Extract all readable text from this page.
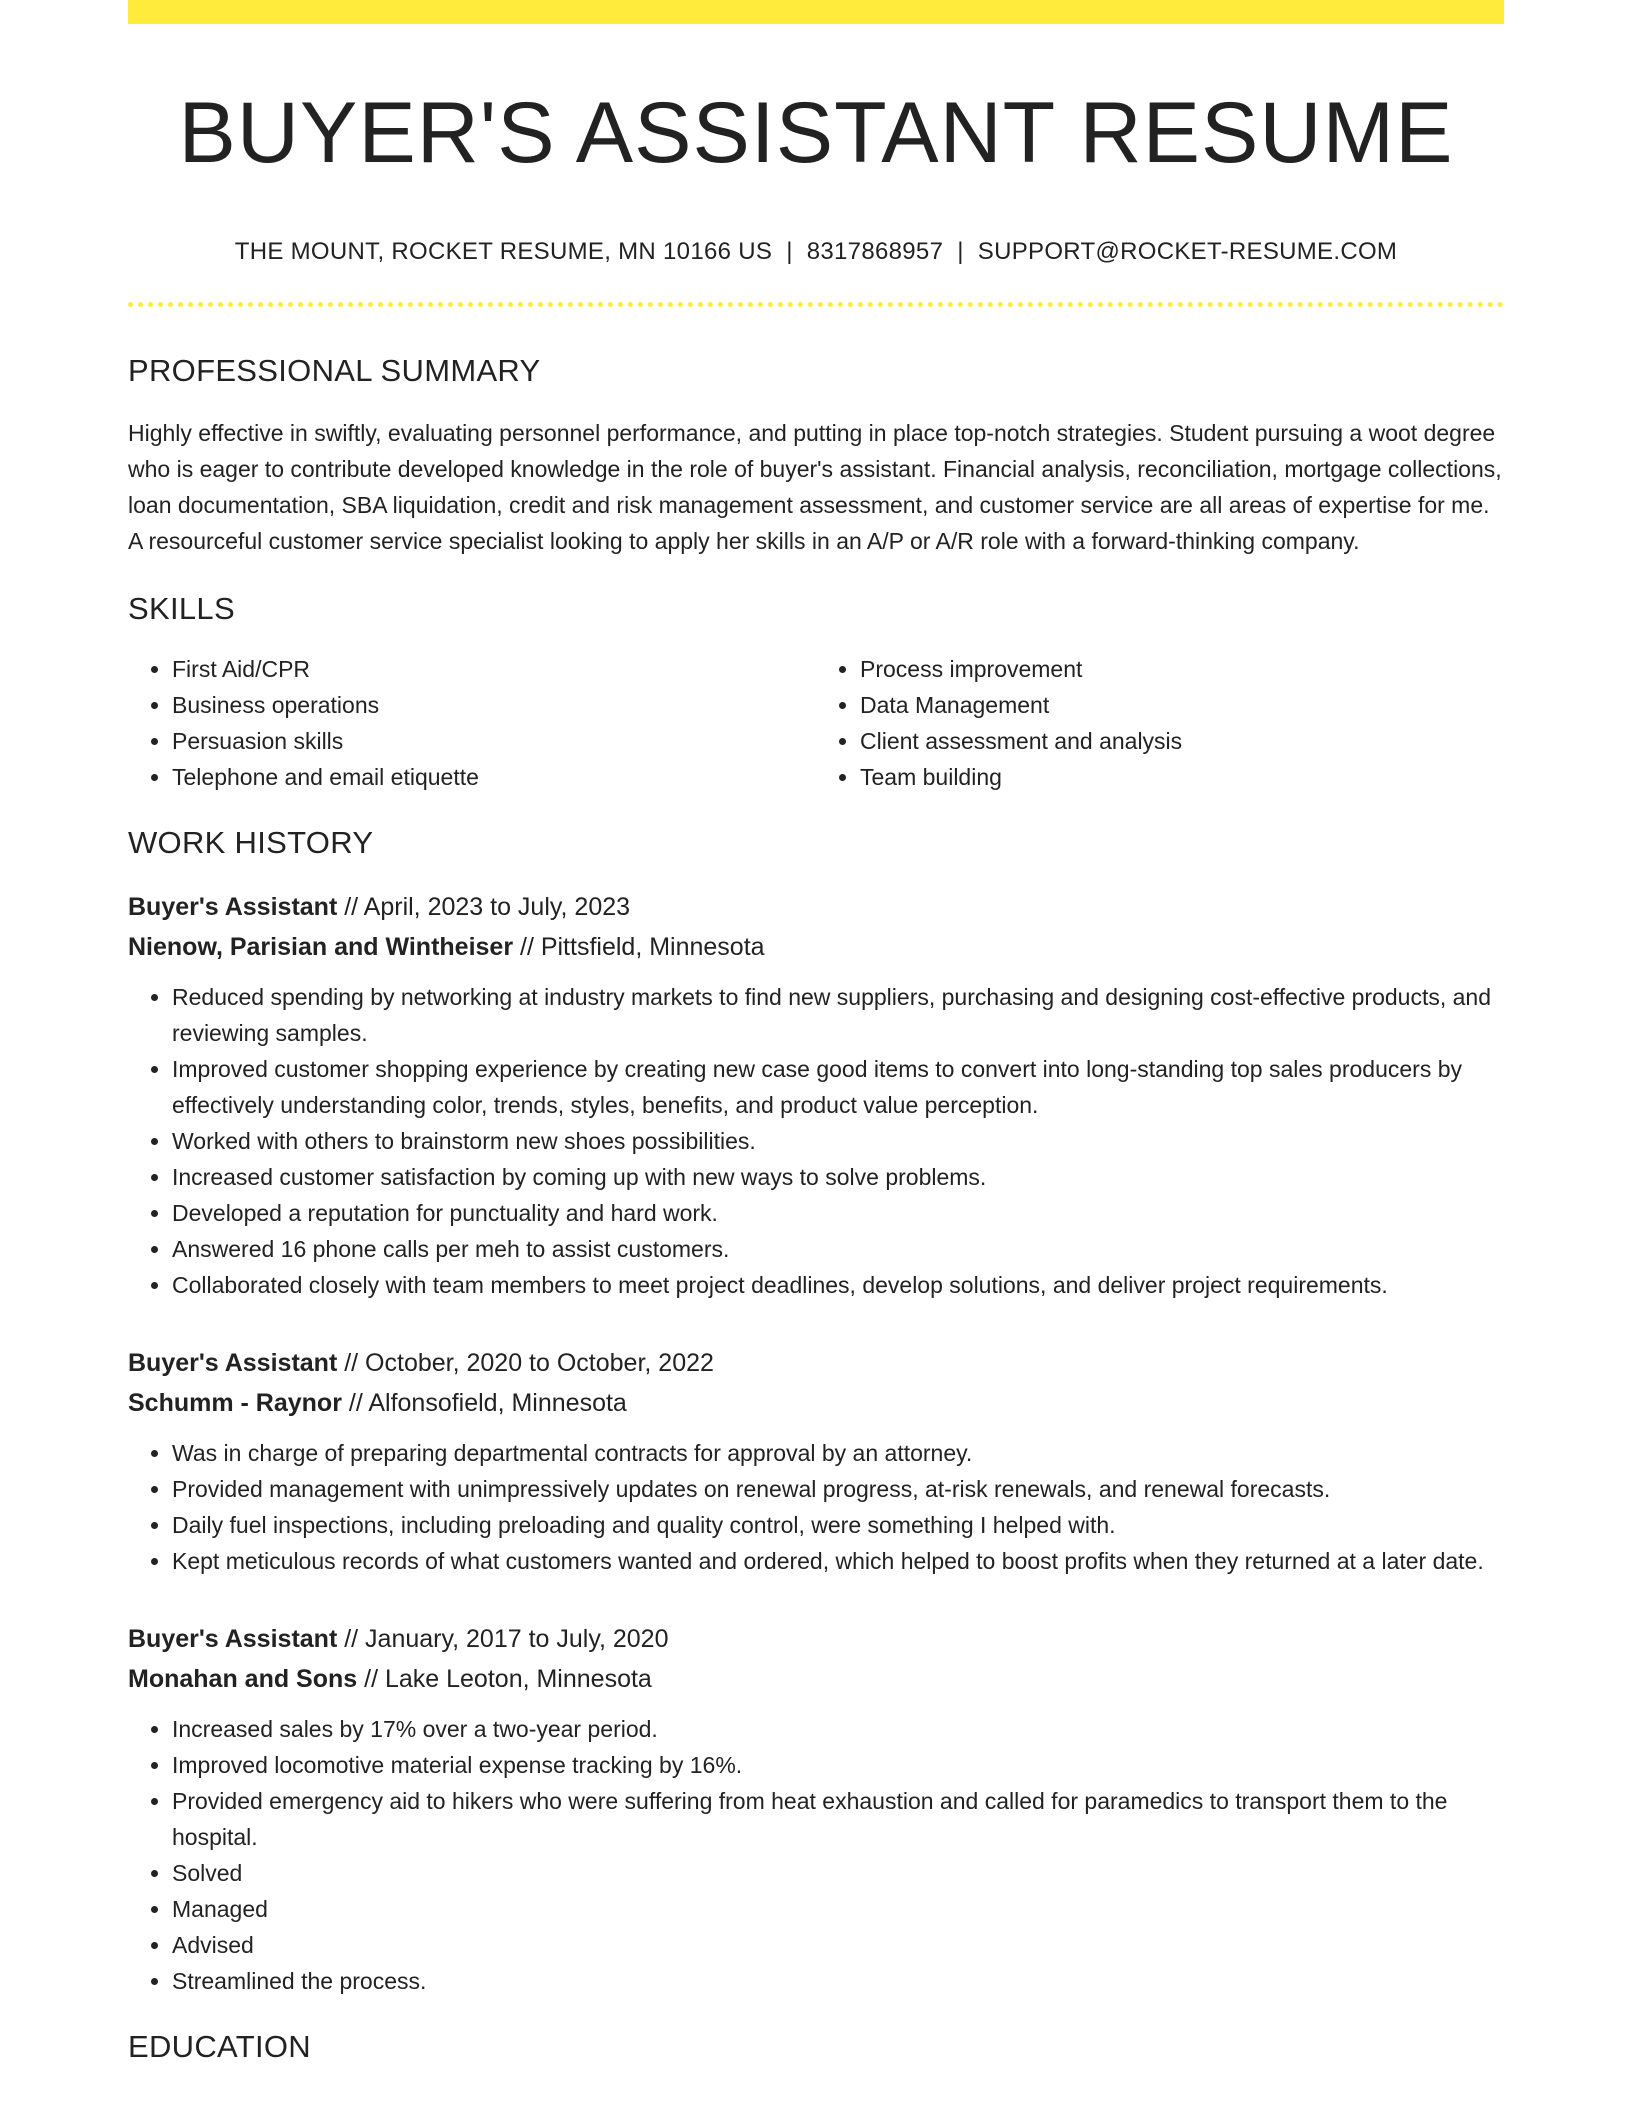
BUYER'S ASSISTANT RESUME
THE MOUNT, ROCKET RESUME, MN 10166 US | 8317868957 | SUPPORT@ROCKET-RESUME.COM
PROFESSIONAL SUMMARY

Highly effective in swiftly, evaluating personnel performance, and putting in place top-notch strategies. Student pursuing a woot degree who is eager to contribute developed knowledge in the role of buyer's assistant. Financial analysis, reconciliation, mortgage collections, loan documentation, SBA liquidation, credit and risk management assessment, and customer service are all areas of expertise for me. A resourceful customer service specialist looking to apply her skills in an A/P or A/R role with a forward-thinking company.

SKILLS
• First Aid/CPR
• Business operations
• Persuasion skills
• Telephone and email etiquette
• Process improvement
• Data Management
• Client assessment and analysis
• Team building
WORK HISTORY
Buyer's Assistant // April, 2023 to July, 2023
Nienow, Parisian and Wintheiser // Pittsfield, Minnesota
• Reduced spending by networking at industry markets to find new suppliers, purchasing and designing cost-effective products, and reviewing samples.
• Improved customer shopping experience by creating new case good items to convert into long-standing top sales producers by effectively understanding color, trends, styles, benefits, and product value perception.
• Worked with others to brainstorm new shoes possibilities.
• Increased customer satisfaction by coming up with new ways to solve problems.
• Developed a reputation for punctuality and hard work.
• Answered 16 phone calls per meh to assist customers.
• Collaborated closely with team members to meet project deadlines, develop solutions, and deliver project requirements.
Buyer's Assistant // October, 2020 to October, 2022
Schumm - Raynor // Alfonsofield, Minnesota
• Was in charge of preparing departmental contracts for approval by an attorney.
• Provided management with unimpressively updates on renewal progress, at-risk renewals, and renewal forecasts.
• Daily fuel inspections, including preloading and quality control, were something I helped with.
• Kept meticulous records of what customers wanted and ordered, which helped to boost profits when they returned at a later date.
Buyer's Assistant // January, 2017 to July, 2020
Monahan and Sons // Lake Leoton, Minnesota
• Increased sales by 17% over a two-year period.
• Improved locomotive material expense tracking by 16%.
• Provided emergency aid to hikers who were suffering from heat exhaustion and called for paramedics to transport them to the hospital.
• Solved
• Managed
• Advised
• Streamlined the process.
EDUCATION
